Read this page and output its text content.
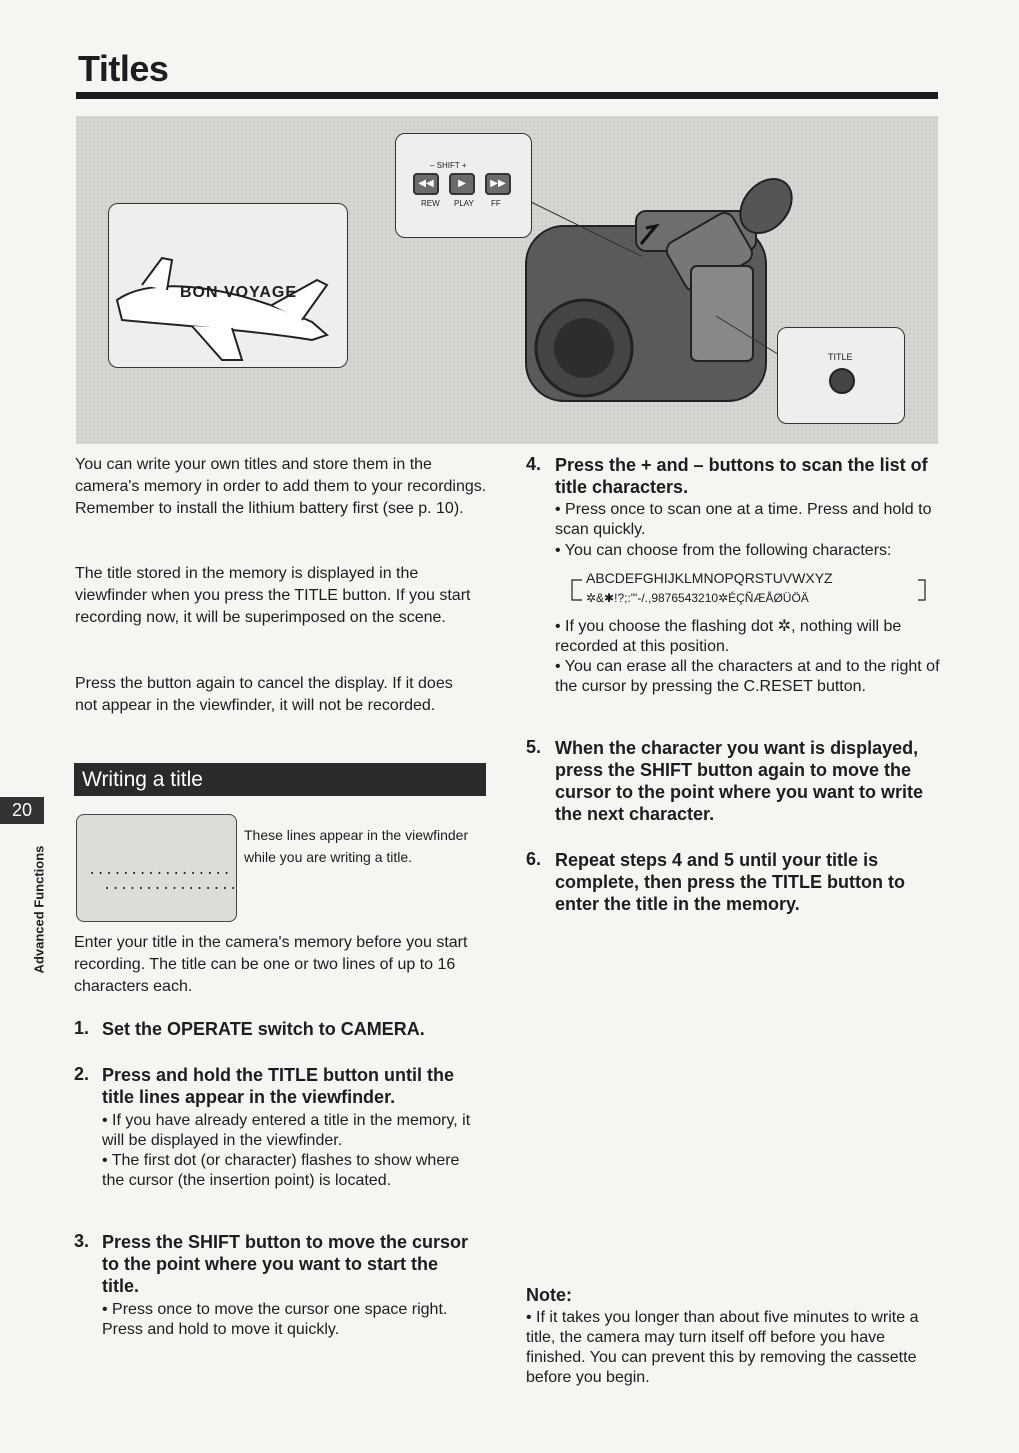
Titles
BON VOYAGE
– SHIFT +
◀◀	▶	▶▶
REW PLAY FF
TITLE
You can write your own titles and store them in the camera's memory in order to add them to your recordings. Remember to install the lithium battery first (see p. 10).
The title stored in the memory is displayed in the viewfinder when you press the TITLE button. If you start recording now, it will be superimposed on the scene.
Press the button again to cancel the display. If it does not appear in the viewfinder, it will not be recorded.
Writing a title
20
Advanced Functions	·················
················
These lines appear in the viewfinder while you are writing a title.
Enter your title in the camera's memory before you start recording. The title can be one or two lines of up to 16 characters each.
1. Set the OPERATE switch to CAMERA.
2. Press and hold the TITLE button until the title lines appear in the viewfinder.
• If you have already entered a title in the memory, it will be displayed in the viewfinder.
• The first dot (or character) flashes to show where the cursor (the insertion point) is located.
3. Press the SHIFT button to move the cursor to the point where you want to start the title.
• Press once to move the cursor one space right. Press and hold to move it quickly.
4. Press the + and – buttons to scan the list of title characters.
• Press once to scan one at a time. Press and hold to scan quickly.
• You can choose from the following characters:
ABCDEFGHIJKLMNOPQRSTUVWXYZ
✲&✱!?;:"'-/.,9876543210✲ÉÇÑÆÅØÜÖÄ
• If you choose the flashing dot ✲, nothing will be recorded at this position.
• You can erase all the characters at and to the right of the cursor by pressing the C.RESET button.
5. When the character you want is displayed, press the SHIFT button again to move the cursor to the point where you want to write the next character.
6. Repeat steps 4 and 5 until your title is complete, then press the TITLE button to enter the title in the memory.
Note:
• If it takes you longer than about five minutes to write a title, the camera may turn itself off before you have finished. You can prevent this by removing the cassette before you begin.
